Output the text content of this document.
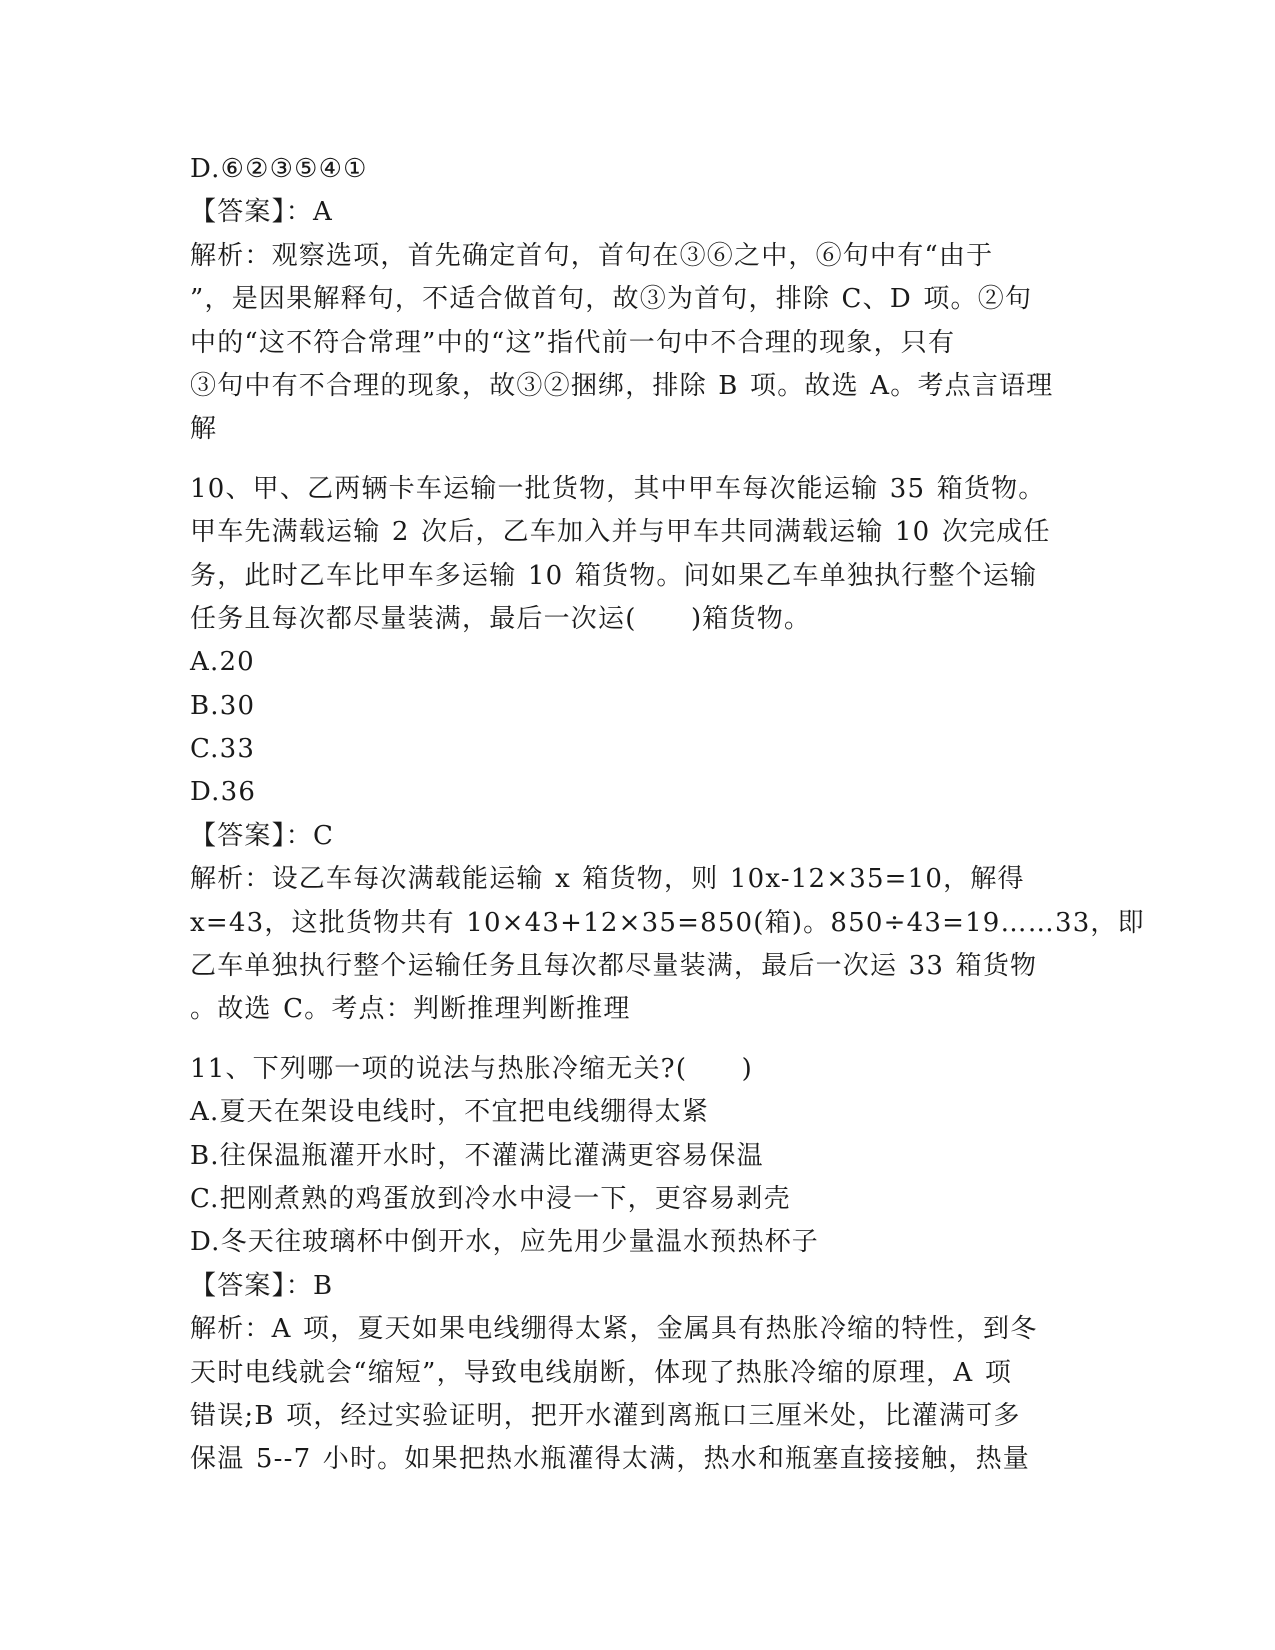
D.⑥②③⑤④①
【答案】：A
解析：观察选项，首先确定首句，首句在③⑥之中，⑥句中有“由于
”，是因果解释句，不适合做首句，故③为首句，排除 C、D 项。②句
中的“这不符合常理”中的“这”指代前一句中不合理的现象，只有
③句中有不合理的现象，故③②捆绑，排除 B 项。故选 A。考点言语理
解
10、甲、乙两辆卡车运输一批货物，其中甲车每次能运输 35 箱货物。
甲车先满载运输 2 次后，乙车加入并与甲车共同满载运输 10 次完成任
务，此时乙车比甲车多运输 10 箱货物。问如果乙车单独执行整个运输
任务且每次都尽量装满，最后一次运(　　)箱货物。
A.20
B.30
C.33
D.36
【答案】：C
解析：设乙车每次满载能运输 x 箱货物，则 10x-12×35=10，解得
x=43，这批货物共有 10×43+12×35=850(箱)。850÷43=19……33，即
乙车单独执行整个运输任务且每次都尽量装满，最后一次运 33 箱货物
。故选 C。考点：判断推理判断推理
11、下列哪一项的说法与热胀冷缩无关?(　　)
A.夏天在架设电线时，不宜把电线绷得太紧
B.往保温瓶灌开水时，不灌满比灌满更容易保温
C.把刚煮熟的鸡蛋放到冷水中浸一下，更容易剥壳
D.冬天往玻璃杯中倒开水，应先用少量温水预热杯子
【答案】：B
解析：A 项，夏天如果电线绷得太紧，金属具有热胀冷缩的特性，到冬
天时电线就会“缩短”，导致电线崩断，体现了热胀冷缩的原理，A 项
错误;B 项，经过实验证明，把开水灌到离瓶口三厘米处，比灌满可多
保温 5--7 小时。如果把热水瓶灌得太满，热水和瓶塞直接接触，热量
